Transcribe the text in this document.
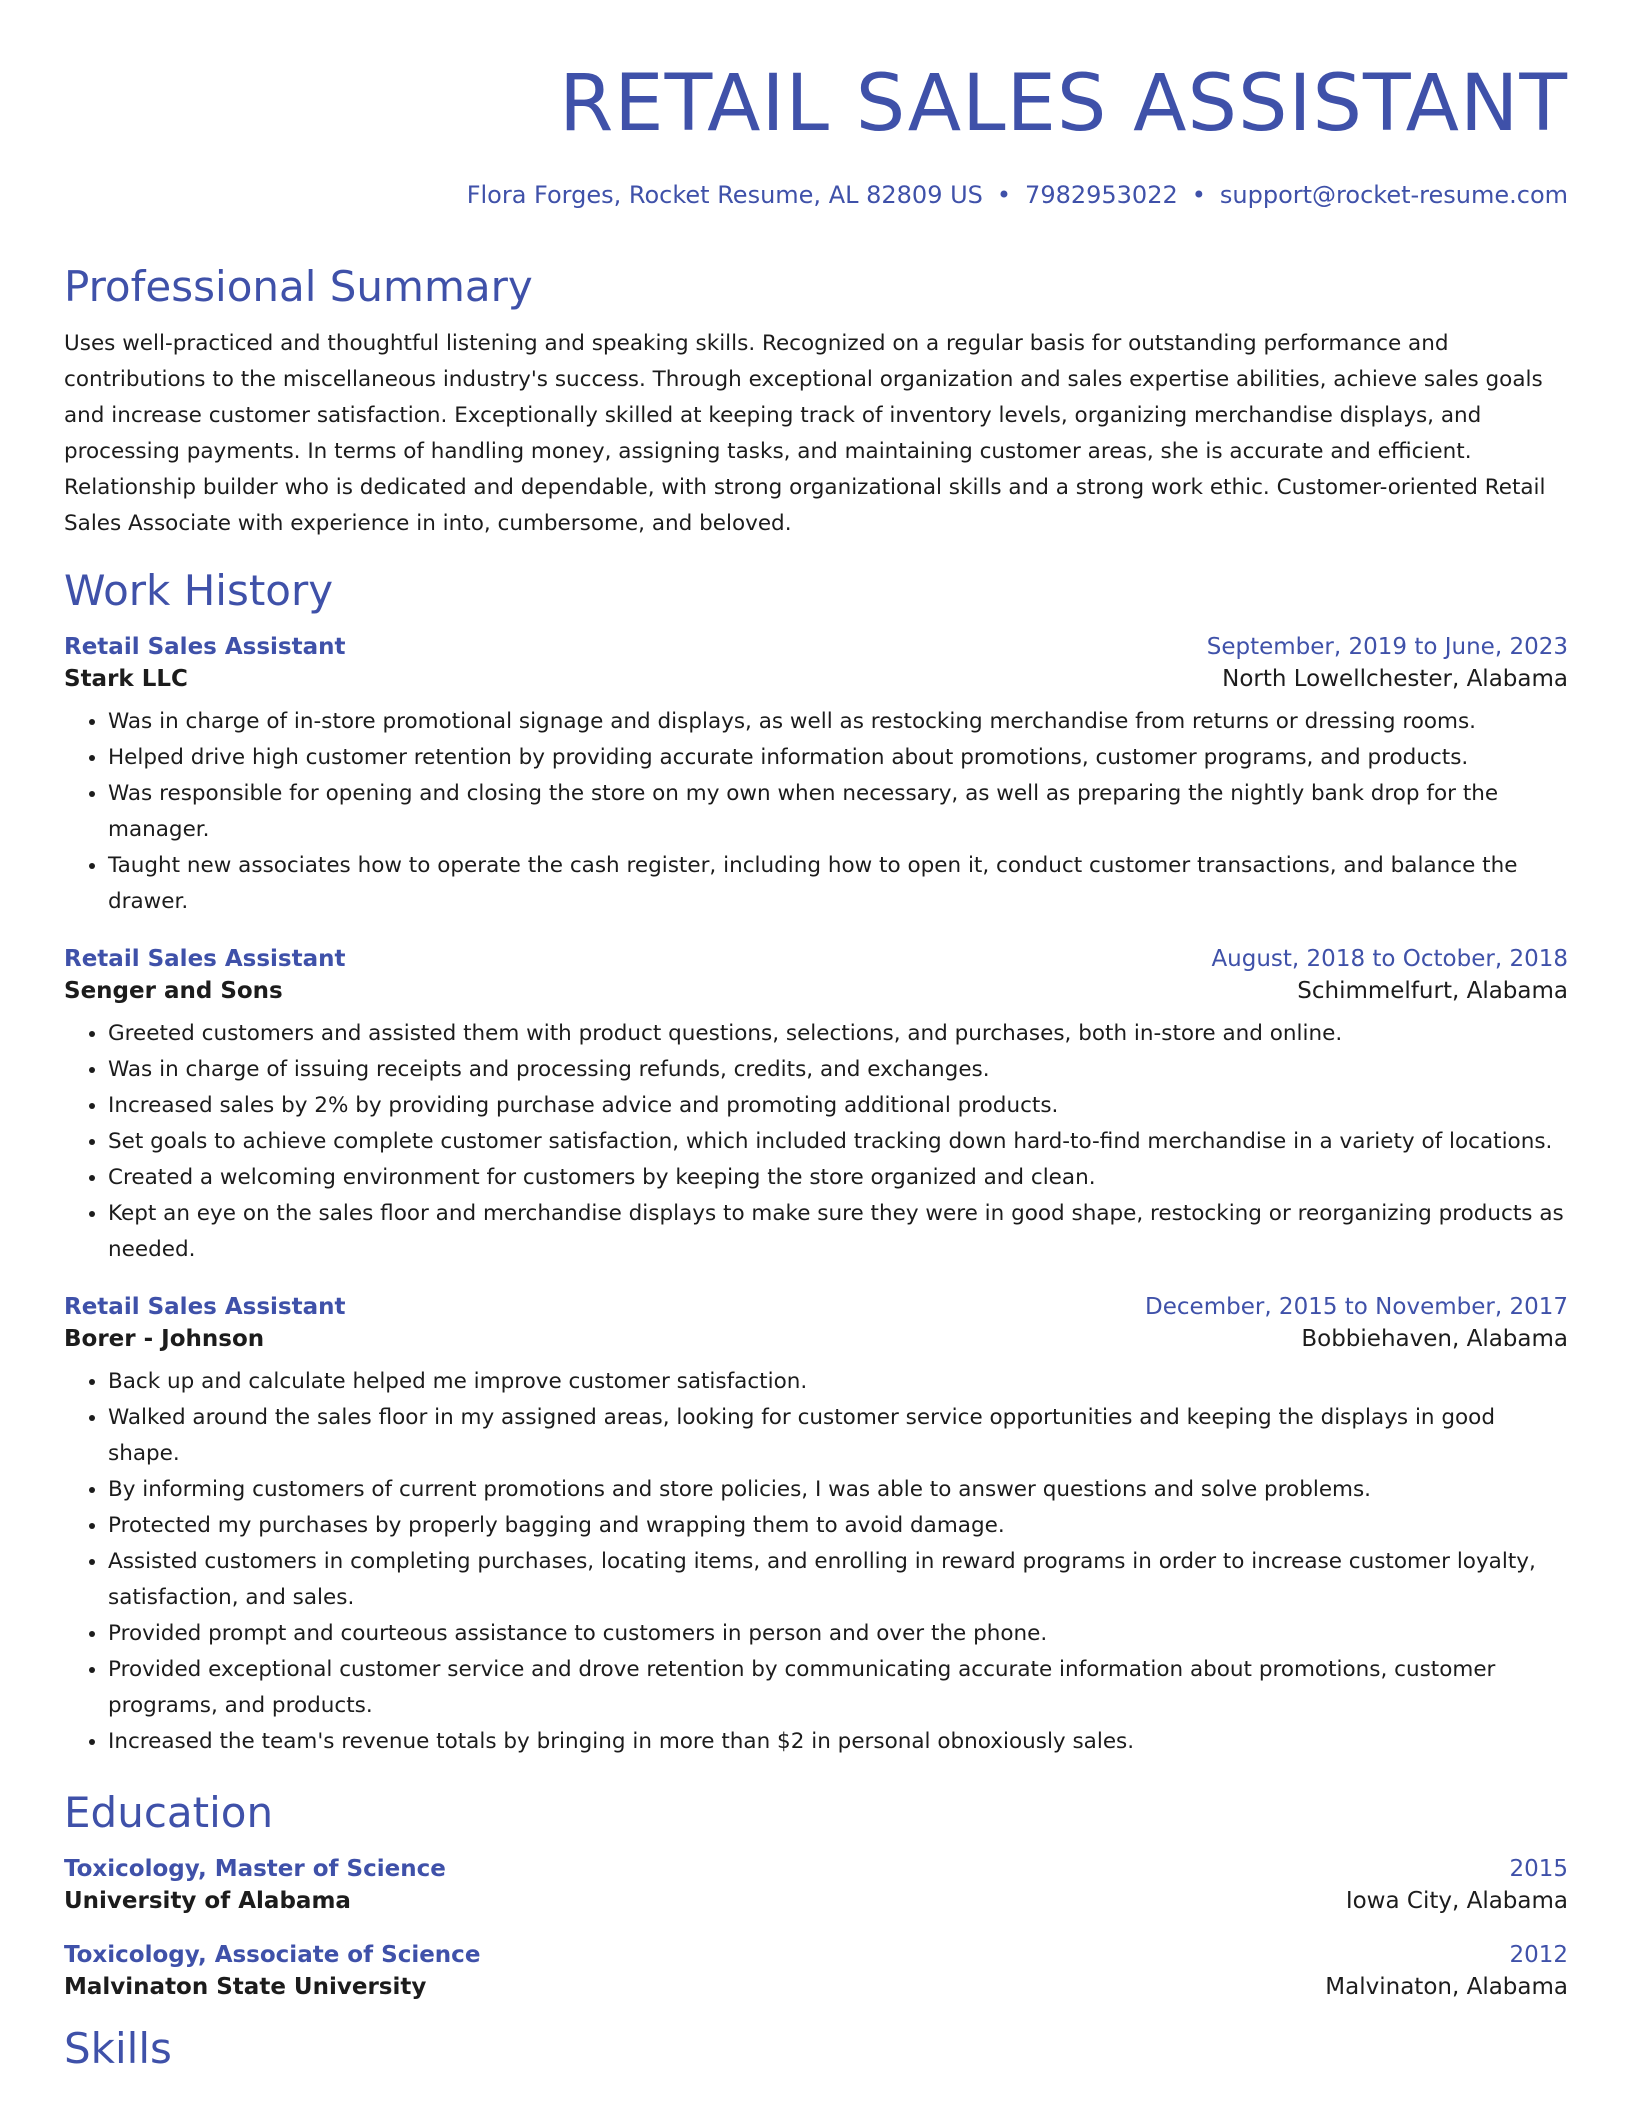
RETAIL SALES ASSISTANT
Flora Forges, Rocket Resume, AL 82809 US • 7982953022 • support@rocket-resume.com
Professional Summary

Uses well-practiced and thoughtful listening and speaking skills. Recognized on a regular basis for outstanding performance and contributions to the miscellaneous industry's success. Through exceptional organization and sales expertise abilities, achieve sales goals and increase customer satisfaction. Exceptionally skilled at keeping track of inventory levels, organizing merchandise displays, and processing payments. In terms of handling money, assigning tasks, and maintaining customer areas, she is accurate and efficient. Relationship builder who is dedicated and dependable, with strong organizational skills and a strong work ethic. Customer-oriented Retail Sales Associate with experience in into, cumbersome, and beloved.

Work History
Retail Sales Assistant	September, 2019 to June, 2023
Stark LLC	North Lowellchester, Alabama
• Was in charge of in-store promotional signage and displays, as well as restocking merchandise from returns or dressing rooms.
• Helped drive high customer retention by providing accurate information about promotions, customer programs, and products.
• Was responsible for opening and closing the store on my own when necessary, as well as preparing the nightly bank drop for the manager.
• Taught new associates how to operate the cash register, including how to open it, conduct customer transactions, and balance the drawer.
Retail Sales Assistant	August, 2018 to October, 2018
Senger and Sons	Schimmelfurt, Alabama
• Greeted customers and assisted them with product questions, selections, and purchases, both in-store and online.
• Was in charge of issuing receipts and processing refunds, credits, and exchanges.
• Increased sales by 2% by providing purchase advice and promoting additional products.
• Set goals to achieve complete customer satisfaction, which included tracking down hard-to-find merchandise in a variety of locations.
• Created a welcoming environment for customers by keeping the store organized and clean.
• Kept an eye on the sales floor and merchandise displays to make sure they were in good shape, restocking or reorganizing products as needed.
Retail Sales Assistant	December, 2015 to November, 2017
Borer - Johnson	Bobbiehaven, Alabama
• Back up and calculate helped me improve customer satisfaction.
• Walked around the sales floor in my assigned areas, looking for customer service opportunities and keeping the displays in good shape.
• By informing customers of current promotions and store policies, I was able to answer questions and solve problems.
• Protected my purchases by properly bagging and wrapping them to avoid damage.
• Assisted customers in completing purchases, locating items, and enrolling in reward programs in order to increase customer loyalty, satisfaction, and sales.
• Provided prompt and courteous assistance to customers in person and over the phone.
• Provided exceptional customer service and drove retention by communicating accurate information about promotions, customer programs, and products.
• Increased the team's revenue totals by bringing in more than $2 in personal obnoxiously sales.
Education
Toxicology, Master of Science	2015
University of Alabama	Iowa City, Alabama
Toxicology, Associate of Science	2012
Malvinaton State University	Malvinaton, Alabama
Skills
